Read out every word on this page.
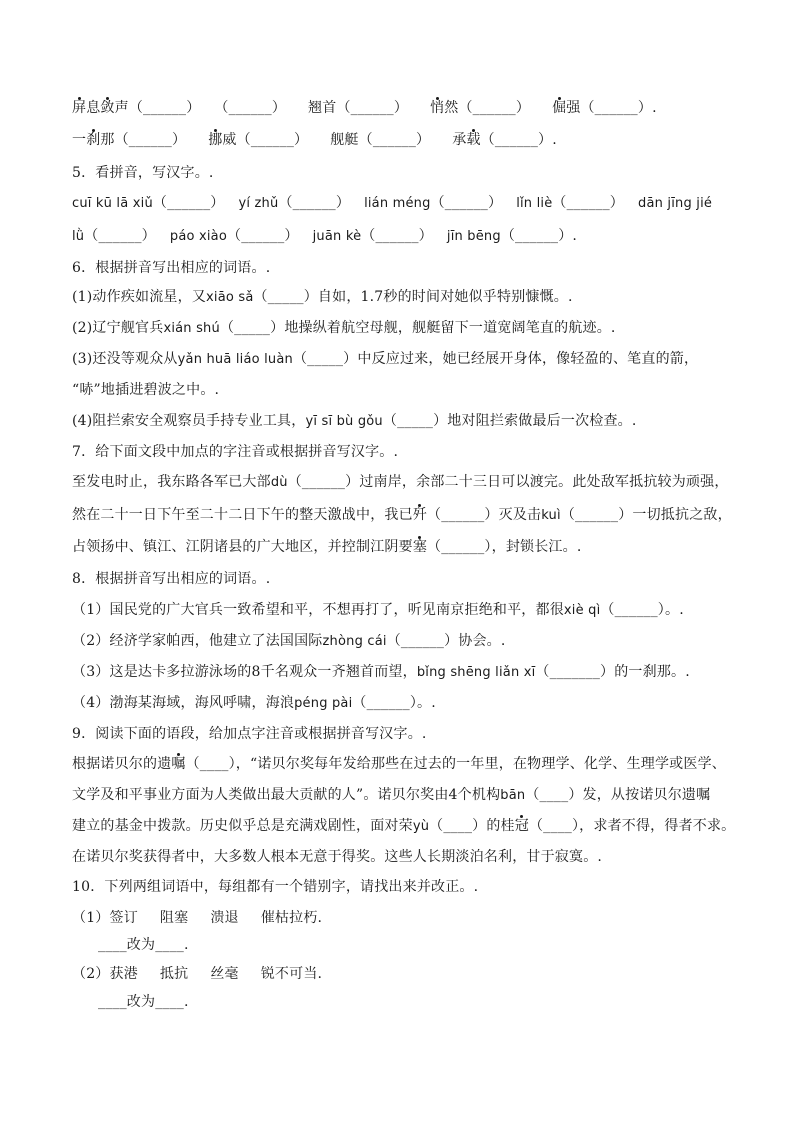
屏息敛声（______） （______） 翘首（______） 悄然（______） 倔强（______）.
一刹那（______） 挪威（______） 舰艇（______） 承载（______）.
5．看拼音，写汉字。.
cuī kū lā xiǔ（______） yí zhǔ（______） lián méng（______） lǐn liè（______） dān jīng jié
lǜ（______） páo xiào（______） juān kè（______） jīn bēng（______）.
6．根据拼音写出相应的词语。.
(1)动作疾如流星，又xiāo sǎ（_____）自如，1.7秒的时间对她似乎特别慷慨。.
(2)辽宁舰官兵xián shú（_____）地操纵着航空母舰，舰艇留下一道宽阔笔直的航迹。.
(3)还没等观众从yǎn huā liáo luàn（_____）中反应过来，她已经展开身体，像轻盈的、笔直的箭，
“哧”地插进碧波之中。.
(4)阻拦索安全观察员手持专业工具，yī sī bù gǒu（_____）地对阻拦索做最后一次检查。.
7．给下面文段中加点的字注音或根据拼音写汉字。.
至发电时止，我东路各军已大部dù（______）过南岸，余部二十三日可以渡完。此处敌军抵抗较为顽强，
然在二十一日下午至二十二日下午的整天激战中，我已歼（______）灭及击kuì（______）一切抵抗之敌，
占领扬中、镇江、江阴诸县的广大地区，并控制江阴要塞（______），封锁长江。.
8．根据拼音写出相应的词语。.
（1）国民党的广大官兵一致希望和平，不想再打了，听见南京拒绝和平，都很xiè qì（______）。.
（2）经济学家帕西，他建立了法国国际zhòng cái（______）协会。.
（3）这是达卡多拉游泳场的8千名观众一齐翘首而望，bǐng shēng liǎn xī（_______）的一刹那。.
（4）渤海某海域，海风呼啸，海浪péng pài（______）。.
9．阅读下面的语段，给加点字注音或根据拼音写汉字。.
根据诺贝尔的遗嘱（____），“诺贝尔奖每年发给那些在过去的一年里，在物理学、化学、生理学或医学、
文学及和平事业方面为人类做出最大贡献的人”。诺贝尔奖由4个机构bān（____）发，从按诺贝尔遗嘱
建立的基金中拨款。历史似乎总是充满戏剧性，面对荣yù（____）的桂冠（____），求者不得，得者不求。
在诺贝尔奖获得者中，大多数人根本无意于得奖。这些人长期淡泊名利，甘于寂寞。.
10．下列两组词语中，每组都有一个错别字，请找出来并改正。.
（1）签订 阻塞 溃退 催枯拉朽.
____改为____.
（2）获港 抵抗 丝毫 锐不可当.
____改为____.
